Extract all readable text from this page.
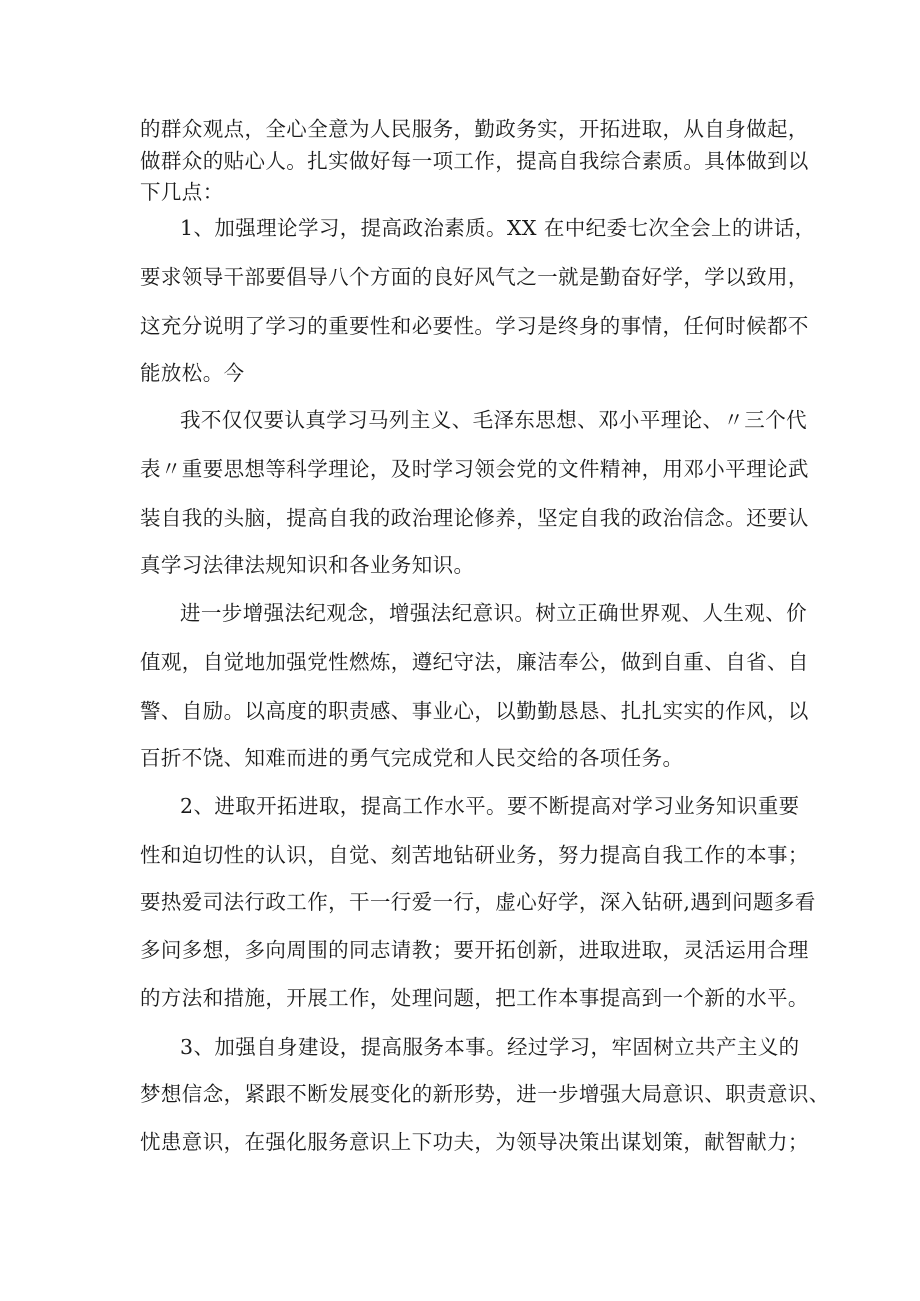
的群众观点，全心全意为人民服务，勤政务实，开拓进取，从自身做起，
做群众的贴心人。扎实做好每一项工作，提高自我综合素质。具体做到以
下几点：
1、加强理论学习，提高政治素质。XX 在中纪委七次全会上的讲话，
要求领导干部要倡导八个方面的良好风气之一就是勤奋好学，学以致用，
这充分说明了学习的重要性和必要性。学习是终身的事情，任何时候都不
能放松。今
我不仅仅要认真学习马列主义、毛泽东思想、邓小平理论、〃三个代
表〃重要思想等科学理论，及时学习领会党的文件精神，用邓小平理论武
装自我的头脑，提高自我的政治理论修养，坚定自我的政治信念。还要认
真学习法律法规知识和各业务知识。
进一步增强法纪观念，增强法纪意识。树立正确世界观、人生观、价
值观，自觉地加强党性燃炼，遵纪守法，廉洁奉公，做到自重、自省、自
警、自励。以高度的职责感、事业心，以勤勤恳恳、扎扎实实的作风，以
百折不饶、知难而进的勇气完成党和人民交给的各项任务。
2、进取开拓进取，提高工作水平。要不断提高对学习业务知识重要
性和迫切性的认识，自觉、刻苦地钻研业务，努力提高自我工作的本事；
要热爱司法行政工作，干一行爱一行，虚心好学，深入钻研,遇到问题多看
多问多想，多向周围的同志请教；要开拓创新，进取进取，灵活运用合理
的方法和措施，开展工作，处理问题，把工作本事提高到一个新的水平。
3、加强自身建设，提高服务本事。经过学习，牢固树立共产主义的
梦想信念，紧跟不断发展变化的新形势，进一步增强大局意识、职责意识、
忧患意识，在强化服务意识上下功夫，为领导决策出谋划策，献智献力；
